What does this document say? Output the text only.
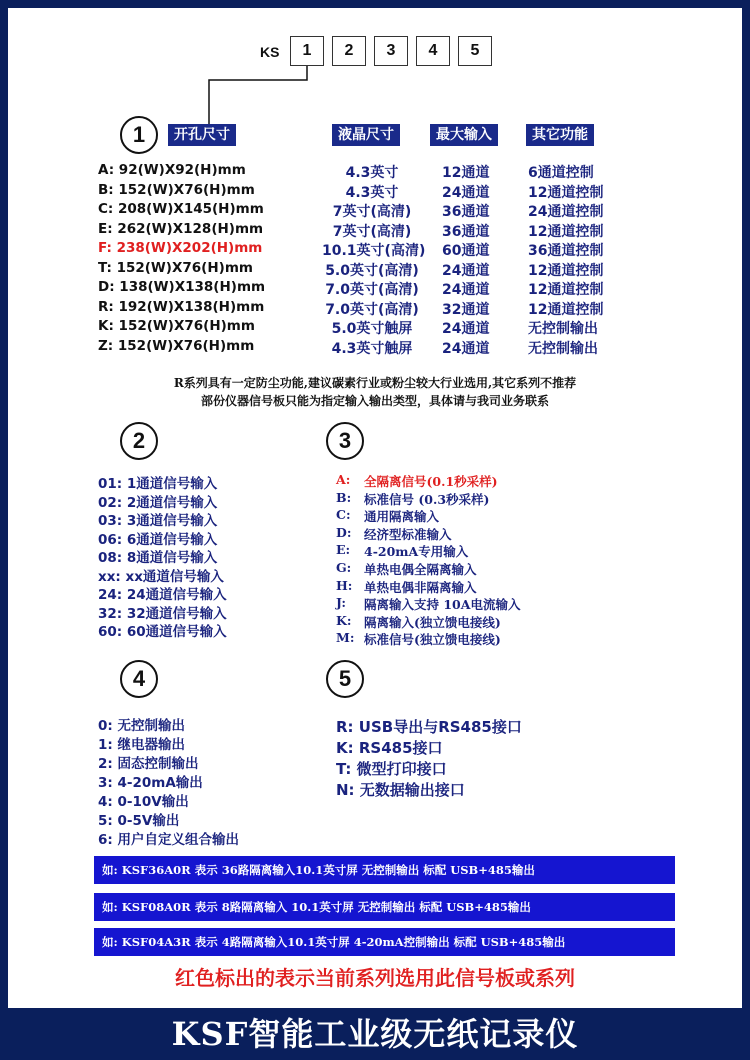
KS	1	2	3	4	5
1	开孔尺寸	液晶尺寸	最大输入	其它功能
A: 92(W)X92(H)mm	4.3英寸	12通道	6通道控制
B: 152(W)X76(H)mm	4.3英寸	24通道	12通道控制
C: 208(W)X145(H)mm	7英寸(高清)	36通道	24通道控制
E: 262(W)X128(H)mm	7英寸(高清)	36通道	12通道控制
F: 238(W)X202(H)mm	10.1英寸(高清) 60通道	36通道控制
T: 152(W)X76(H)mm	5.0英寸(高清) 24通道	12通道控制
D: 138(W)X138(H)mm	7.0英寸(高清) 24通道	12通道控制
R: 192(W)X138(H)mm	7.0英寸(高清) 32通道	12通道控制
K: 152(W)X76(H)mm	5.0英寸触屏	24通道	无控制输出
Z: 152(W)X76(H)mm	4.3英寸触屏	24通道	无控制输出
R系列具有一定防尘功能,建议碳素行业或粉尘较大行业选用,其它系列不推荐
部份仪器信号板只能为指定输入输出类型，具体请与我司业务联系
2
01: 1通道信号输入
02: 2通道信号输入
03: 3通道信号输入
06: 6通道信号输入
08: 8通道信号输入
xx: xx通道信号输入
24: 24通道信号输入
32: 32通道信号输入
60: 60通道信号输入
3
A: 全隔离信号(0.1秒采样)
B: 标准信号 (0.3秒采样)
C: 通用隔离输入
D: 经济型标准输入
E: 4-20mA专用输入
G: 单热电偶全隔离输入
H: 单热电偶非隔离输入
J: 隔离输入支持 10A电流输入
K: 隔离输入(独立馈电接线)
M: 标准信号(独立馈电接线)
4
0: 无控制输出
1: 继电器输出
2: 固态控制输出
3: 4-20mA输出
4: 0-10V输出
5: 0-5V输出
6: 用户自定义组合输出
5
R: USB导出与RS485接口
K: RS485接口
T: 微型打印接口
N: 无数据输出接口
如: KSF36A0R 表示 36路隔离输入10.1英寸屏 无控制输出 标配 USB+485输出
如: KSF08A0R 表示 8路隔离输入 10.1英寸屏 无控制输出 标配 USB+485输出
如: KSF04A3R 表示 4路隔离输入10.1英寸屏 4-20mA控制输出 标配 USB+485输出
红色标出的表示当前系列选用此信号板或系列
KSF智能工业级无纸记录仪
